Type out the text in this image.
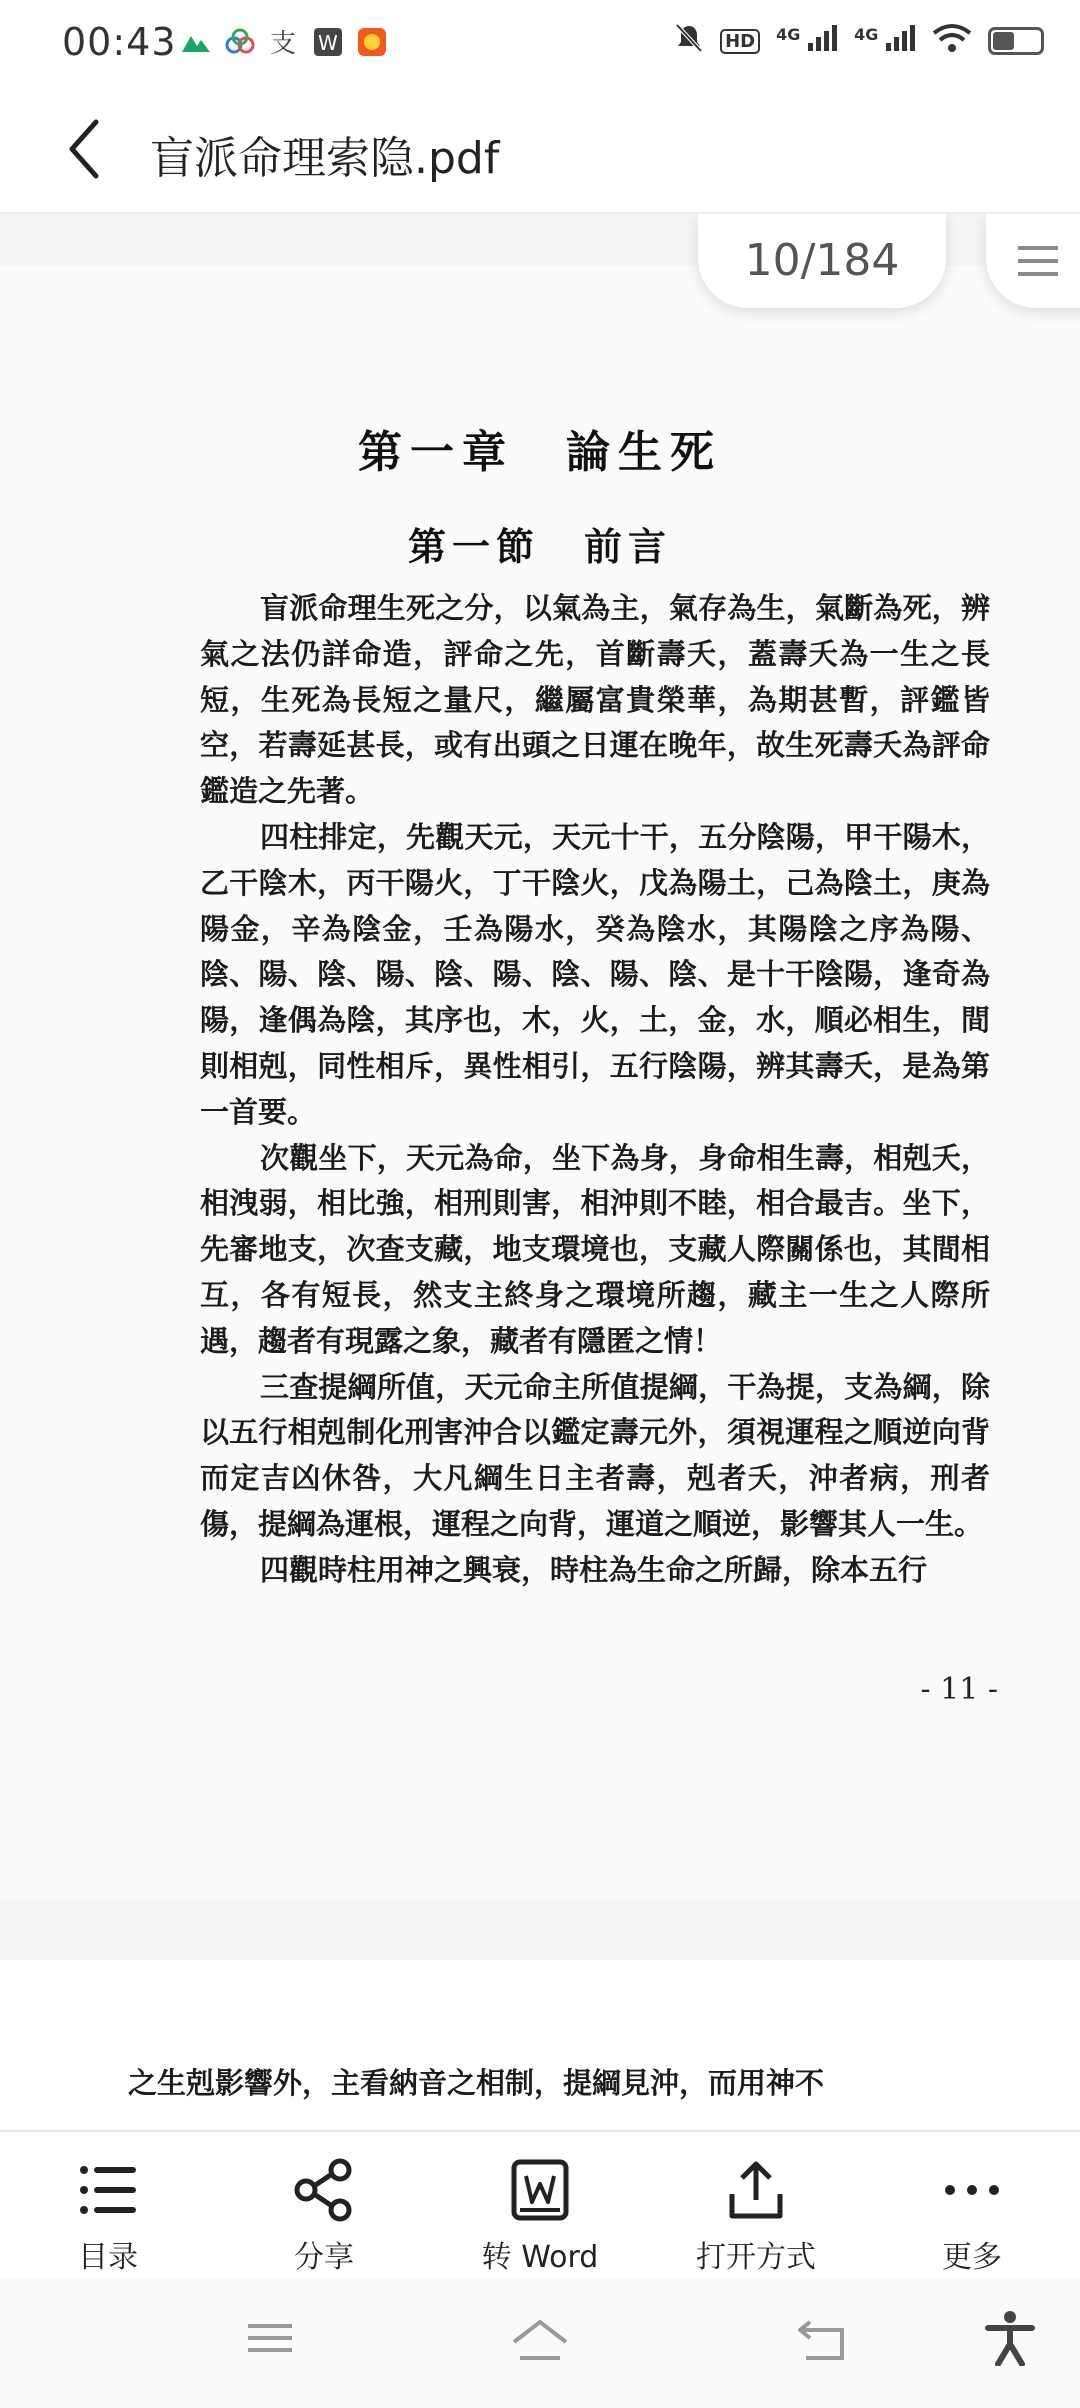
00:43	支 W	HD	4G	4G
盲派命理索隐.pdf
第一章　論生死
第一節　前言

盲派命理生死之分，以氣為主，氣存為生，氣斷為死，辨氣之法仍詳命造，評命之先，首斷壽夭，蓋壽夭為一生之長短，生死為長短之量尺，繼屬富貴榮華，為期甚暫，評鑑皆空，若壽延甚長，或有出頭之日運在晚年，故生死壽夭為評命鑑造之先著。

四柱排定，先觀天元，天元十干，五分陰陽，甲干陽木，乙干陰木，丙干陽火，丁干陰火，戊為陽土，己為陰土，庚為陽金，辛為陰金，壬為陽水，癸為陰水，其陽陰之序為陽、陰、陽、陰、陽、陰、陽、陰、陽、陰、是十干陰陽，逢奇為陽，逢偶為陰，其序也，木，火，土，金，水，順必相生，間則相剋，同性相斥，異性相引，五行陰陽，辨其壽夭，是為第一首要。

次觀坐下，天元為命，坐下為身，身命相生壽，相剋夭，相洩弱，相比強，相刑則害，相沖則不睦，相合最吉。坐下，先審地支，次查支藏，地支環境也，支藏人際關係也，其間相互，各有短長，然支主終身之環境所趨，藏主一生之人際所遇，趨者有現露之象，藏者有隱匿之情！

三查提綱所值，天元命主所值提綱，干為提，支為綱，除以五行相剋制化刑害沖合以鑑定壽元外，須視運程之順逆向背而定吉凶休咎，大凡綱生日主者壽，剋者夭，沖者病，刑者傷，提綱為運根，運程之向背，運道之順逆，影響其人一生。

四觀時柱用神之興衰，時柱為生命之所歸，除本五行

- 11 -
之生剋影響外，主看納音之相制，提綱見沖，而用神不
10/184
目录	分享	转 Word	打开方式	更多
